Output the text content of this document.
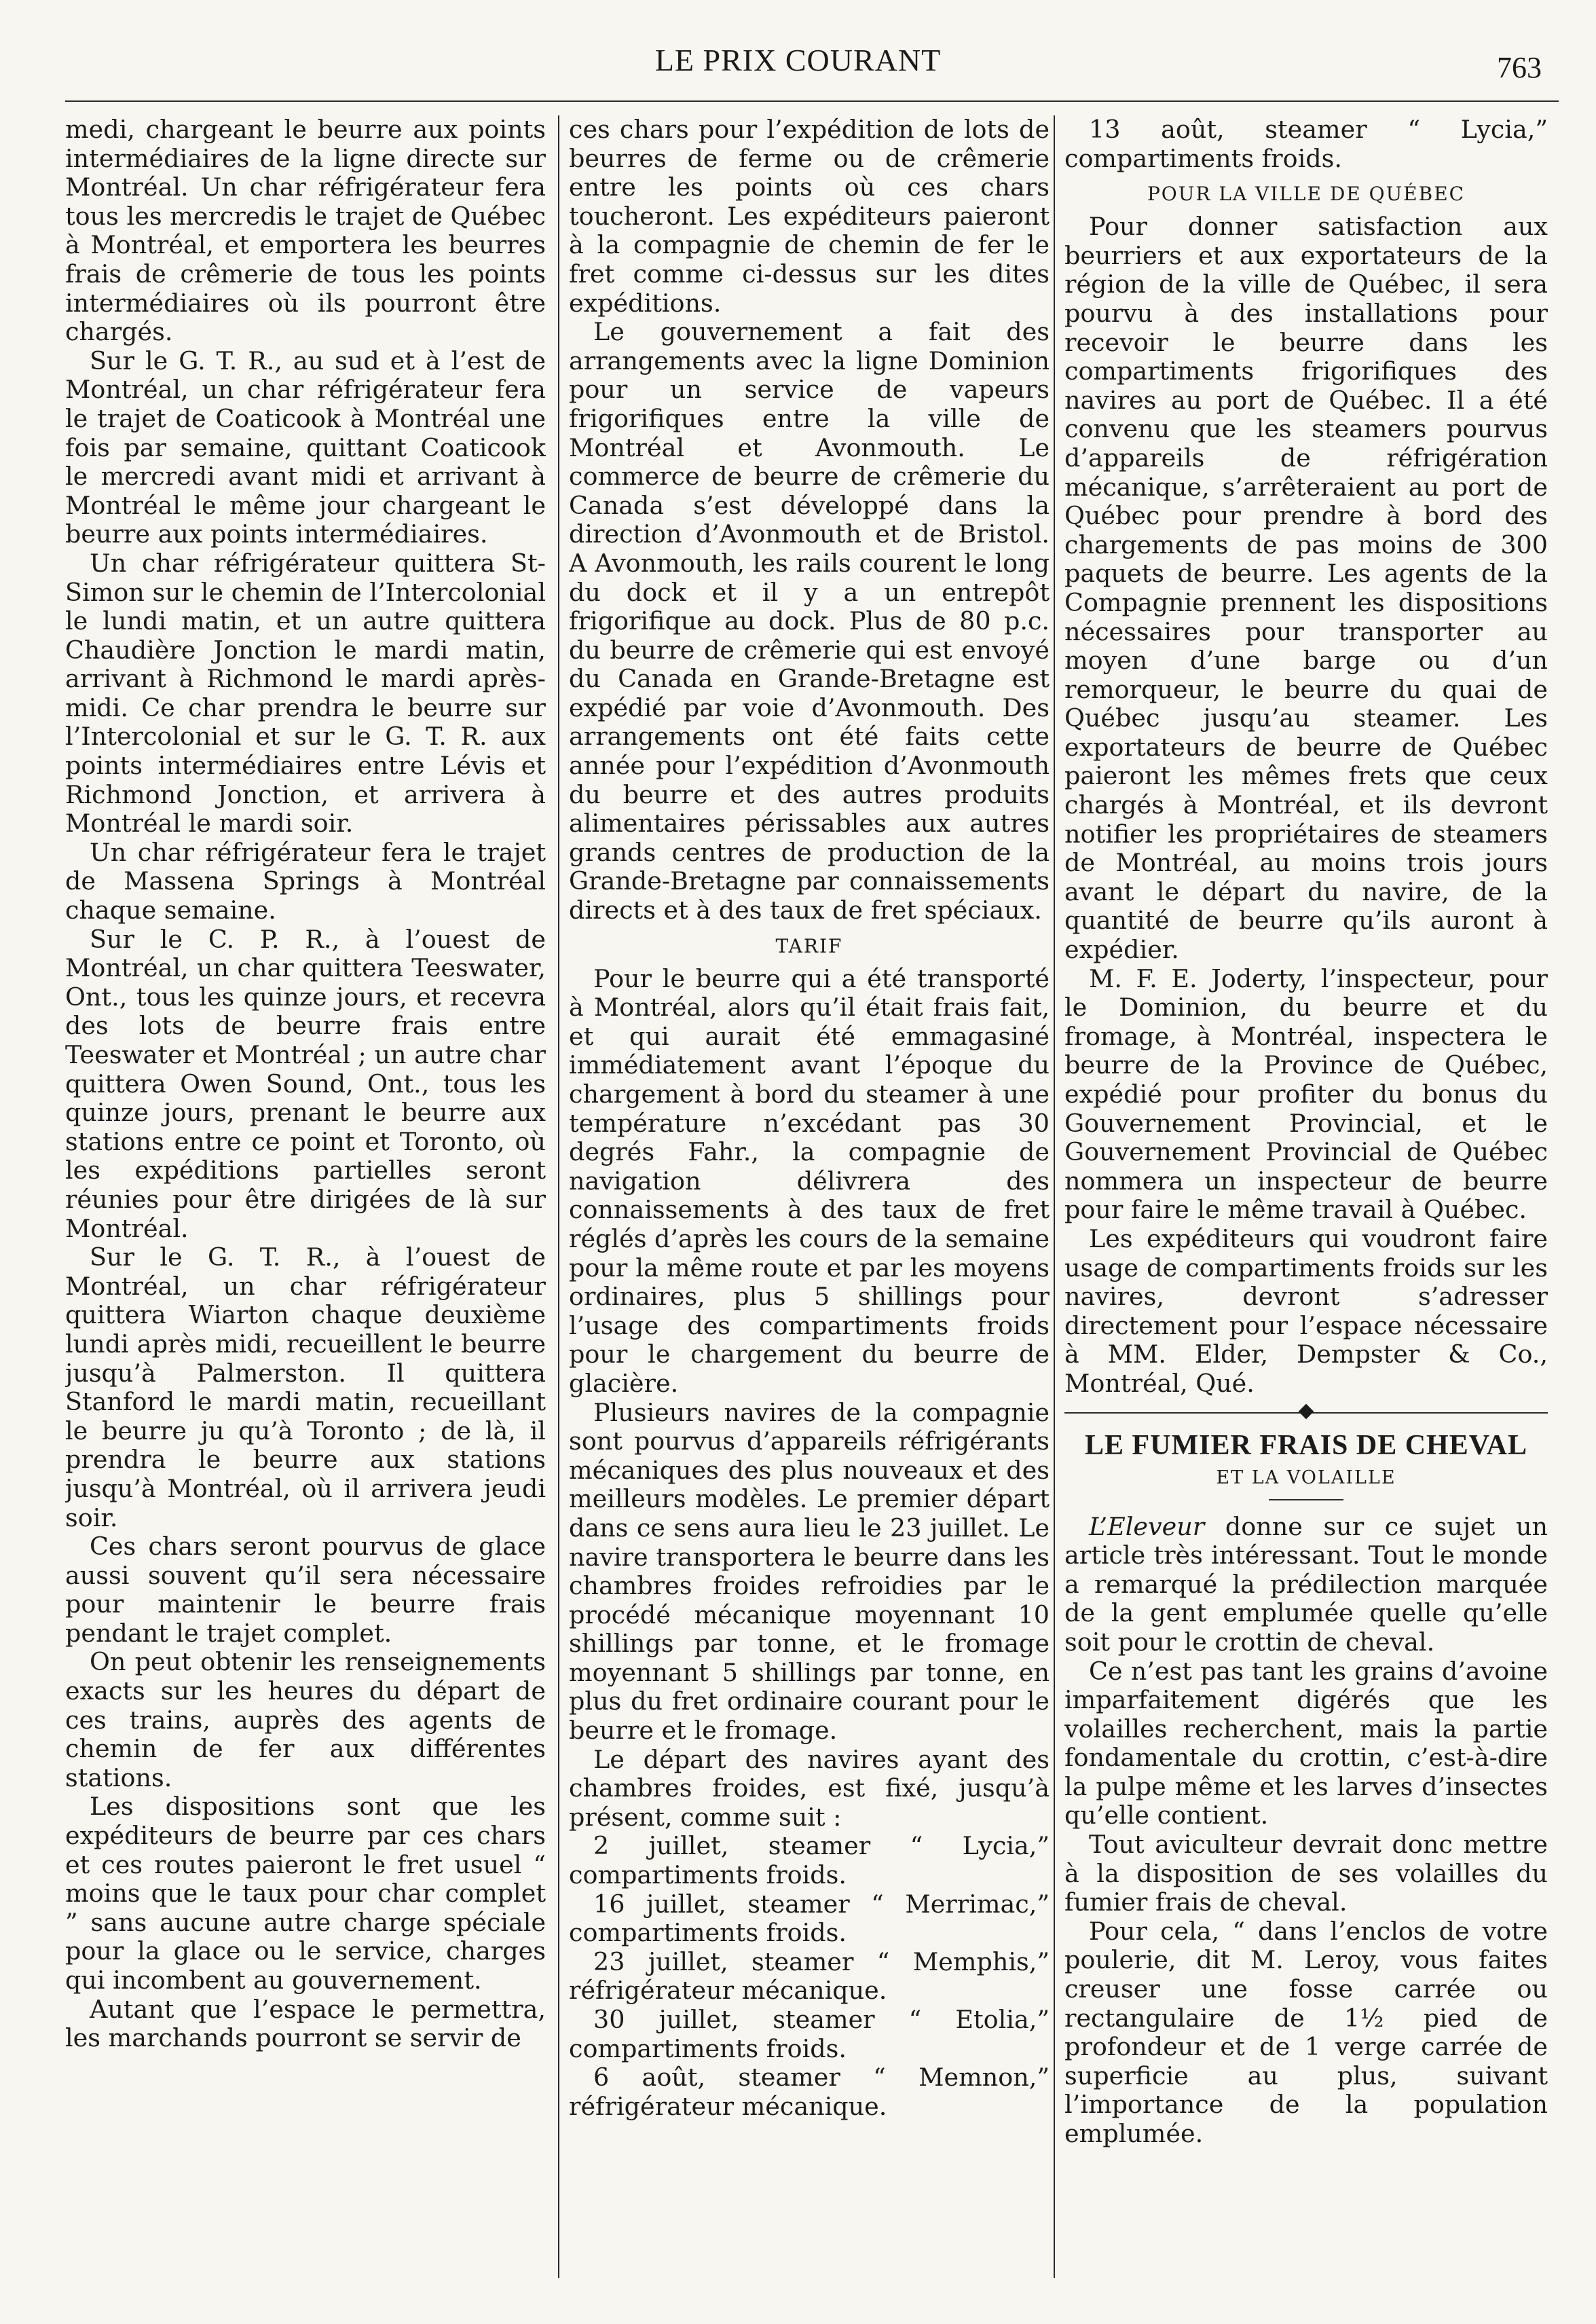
LE PRIX COURANT	763

medi, chargeant le beurre aux points intermédiaires de la ligne directe sur Montréal. Un char réfrigérateur fera tous les mercredis le trajet de Québec à Montréal, et emportera les beurres frais de crêmerie de tous les points intermédiaires où ils pourront être chargés.

Sur le G. T. R., au sud et à l’est de Montréal, un char réfrigérateur fera le trajet de Coaticook à Montréal une fois par semaine, quittant Coaticook le mercredi avant midi et arrivant à Montréal le même jour chargeant le beurre aux points intermédiaires.

Un char réfrigérateur quittera St-Simon sur le chemin de l’Intercolonial le lundi matin, et un autre quittera Chaudière Jonction le mardi matin, arrivant à Richmond le mardi après-midi. Ce char prendra le beurre sur l’Intercolonial et sur le G. T. R. aux points intermédiaires entre Lévis et Richmond Jonction, et arrivera à Montréal le mardi soir.

Un char réfrigérateur fera le trajet de Massena Springs à Montréal chaque semaine.

Sur le C. P. R., à l’ouest de Montréal, un char quittera Teeswater, Ont., tous les quinze jours, et recevra des lots de beurre frais entre Teeswater et Montréal ; un autre char quittera Owen Sound, Ont., tous les quinze jours, prenant le beurre aux stations entre ce point et Toronto, où les expéditions partielles seront réunies pour être dirigées de là sur Montréal.

Sur le G. T. R., à l’ouest de Montréal, un char réfrigérateur quittera Wiarton chaque deuxième lundi après midi, recueillent le beurre jusqu’à Palmerston. Il quittera Stanford le mardi matin, recueillant le beurre ju qu’à Toronto ; de là, il prendra le beurre aux stations jusqu’à Montréal, où il arrivera jeudi soir.

Ces chars seront pourvus de glace aussi souvent qu’il sera nécessaire pour maintenir le beurre frais pendant le trajet complet.

On peut obtenir les renseignements exacts sur les heures du départ de ces trains, auprès des agents de chemin de fer aux différentes stations.

Les dispositions sont que les expéditeurs de beurre par ces chars et ces routes paieront le fret usuel “ moins que le taux pour char complet ” sans aucune autre charge spéciale pour la glace ou le service, charges qui incombent au gouvernement.

Autant que l’espace le permettra, les marchands pourront se servir de

ces chars pour l’expédition de lots de beurres de ferme ou de crêmerie entre les points où ces chars toucheront. Les expéditeurs paieront à la compagnie de chemin de fer le fret comme ci-dessus sur les dites expéditions.

Le gouvernement a fait des arrangements avec la ligne Dominion pour un service de vapeurs frigorifiques entre la ville de Montréal et Avonmouth. Le commerce de beurre de crêmerie du Canada s’est développé dans la direction d’Avonmouth et de Bristol. A Avonmouth, les rails courent le long du dock et il y a un entrepôt frigorifique au dock. Plus de 80 p.c. du beurre de crêmerie qui est envoyé du Canada en Grande-Bretagne est expédié par voie d’Avonmouth. Des arrangements ont été faits cette année pour l’expédition d’Avonmouth du beurre et des autres produits alimentaires périssables aux autres grands centres de production de la Grande-Bretagne par connaissements directs et à des taux de fret spéciaux.

TARIF

Pour le beurre qui a été transporté à Montréal, alors qu’il était frais fait, et qui aurait été emmagasiné immédiatement avant l’époque du chargement à bord du steamer à une température n’excédant pas 30 degrés Fahr., la compagnie de navigation délivrera des connaissements à des taux de fret réglés d’après les cours de la semaine pour la même route et par les moyens ordinaires, plus 5 shillings pour l’usage des compartiments froids pour le chargement du beurre de glacière.

Plusieurs navires de la compagnie sont pourvus d’appareils réfrigérants mécaniques des plus nouveaux et des meilleurs modèles. Le premier départ dans ce sens aura lieu le 23 juillet. Le navire transportera le beurre dans les chambres froides refroidies par le procédé mécanique moyennant 10 shillings par tonne, et le fromage moyennant 5 shillings par tonne, en plus du fret ordinaire courant pour le beurre et le fromage.

Le départ des navires ayant des chambres froides, est fixé, jusqu’à présent, comme suit :

2 juillet, steamer “ Lycia,” compartiments froids.

16 juillet, steamer “ Merrimac,” compartiments froids.

23 juillet, steamer “ Memphis,” réfrigérateur mécanique.

30 juillet, steamer “ Etolia,” compartiments froids.

6 août, steamer “ Memnon,” réfrigérateur mécanique.

13 août, steamer “ Lycia,” compartiments froids.

POUR LA VILLE DE QUÉBEC

Pour donner satisfaction aux beurriers et aux exportateurs de la région de la ville de Québec, il sera pourvu à des installations pour recevoir le beurre dans les compartiments frigorifiques des navires au port de Québec. Il a été convenu que les steamers pourvus d’appareils de réfrigération mécanique, s’arrêteraient au port de Québec pour prendre à bord des chargements de pas moins de 300 paquets de beurre. Les agents de la Compagnie prennent les dispositions nécessaires pour transporter au moyen d’une barge ou d’un remorqueur, le beurre du quai de Québec jusqu’au steamer. Les exportateurs de beurre de Québec paieront les mêmes frets que ceux chargés à Montréal, et ils devront notifier les propriétaires de steamers de Montréal, au moins trois jours avant le départ du navire, de la quantité de beurre qu’ils auront à expédier.

M. F. E. Joderty, l’inspecteur, pour le Dominion, du beurre et du fromage, à Montréal, inspectera le beurre de la Province de Québec, expédié pour profiter du bonus du Gouvernement Provincial, et le Gouvernement Provincial de Québec nommera un inspecteur de beurre pour faire le même travail à Québec.

Les expéditeurs qui voudront faire usage de compartiments froids sur les navires, devront s’adresser directement pour l’espace nécessaire à MM. Elder, Dempster & Co., Montréal, Qué.

LE FUMIER FRAIS DE CHEVAL
ET LA VOLAILLE

L’Eleveur donne sur ce sujet un article très intéressant. Tout le monde a remarqué la prédilection marquée de la gent emplumée quelle qu’elle soit pour le crottin de cheval.

Ce n’est pas tant les grains d’avoine imparfaitement digérés que les volailles recherchent, mais la partie fondamentale du crottin, c’est-à-dire la pulpe même et les larves d’insectes qu’elle contient.

Tout aviculteur devrait donc mettre à la disposition de ses volailles du fumier frais de cheval.

Pour cela, “ dans l’enclos de votre poulerie, dit M. Leroy, vous faites creuser une fosse carrée ou rectangulaire de 1½ pied de profondeur et de 1 verge carrée de superficie au plus, suivant l’importance de la population emplumée.
